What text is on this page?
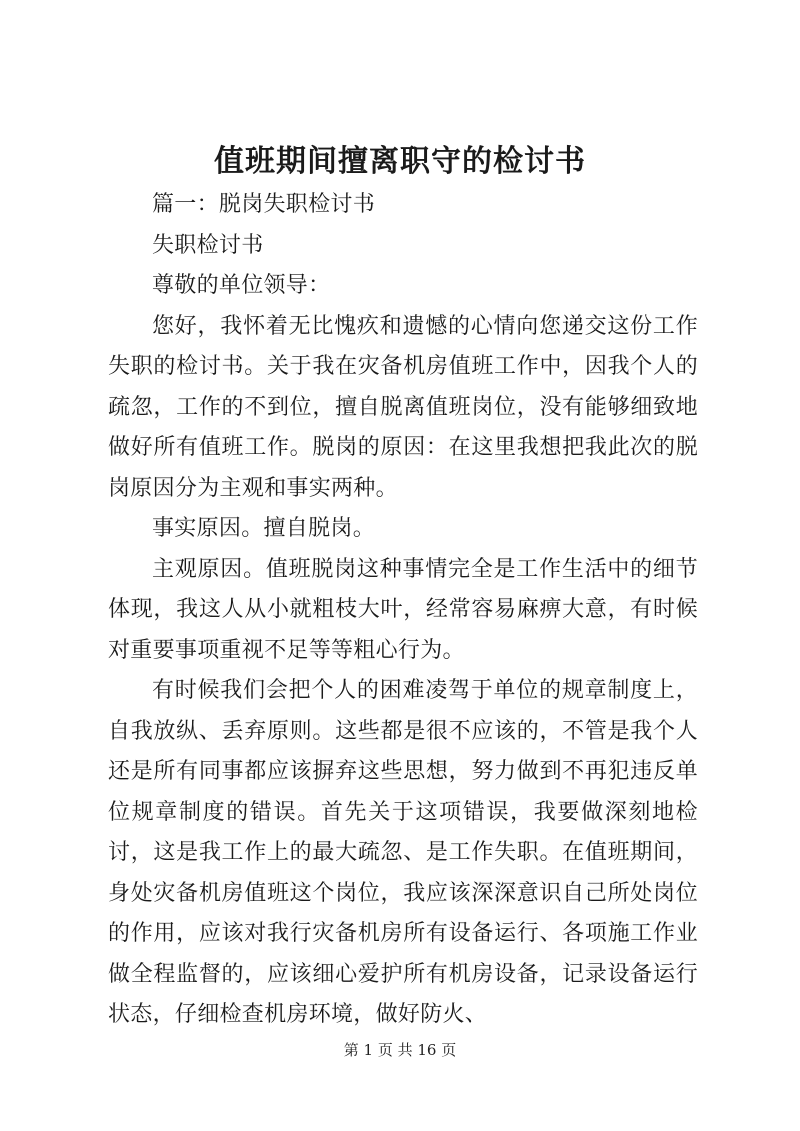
值班期间擅离职守的检讨书

篇一：脱岗失职检讨书

失职检讨书

尊敬的单位领导：

您好，我怀着无比愧疚和遗憾的心情向您递交这份工作失职的检讨书。关于我在灾备机房值班工作中，因我个人的疏忽，工作的不到位，擅自脱离值班岗位，没有能够细致地做好所有值班工作。脱岗的原因：在这里我想把我此次的脱岗原因分为主观和事实两种。

事实原因。擅自脱岗。

主观原因。值班脱岗这种事情完全是工作生活中的细节体现，我这人从小就粗枝大叶，经常容易麻痹大意，有时候对重要事项重视不足等等粗心行为。

有时候我们会把个人的困难凌驾于单位的规章制度上，自我放纵、丢弃原则。这些都是很不应该的，不管是我个人还是所有同事都应该摒弃这些思想，努力做到不再犯违反单位规章制度的错误。首先关于这项错误，我要做深刻地检讨，这是我工作上的最大疏忽、是工作失职。在值班期间，身处灾备机房值班这个岗位，我应该深深意识自己所处岗位的作用，应该对我行灾备机房所有设备运行、各项施工作业做全程监督的，应该细心爱护所有机房设备，记录设备运行状态，仔细检查机房环境，做好防火、

第 1 页 共 16 页
